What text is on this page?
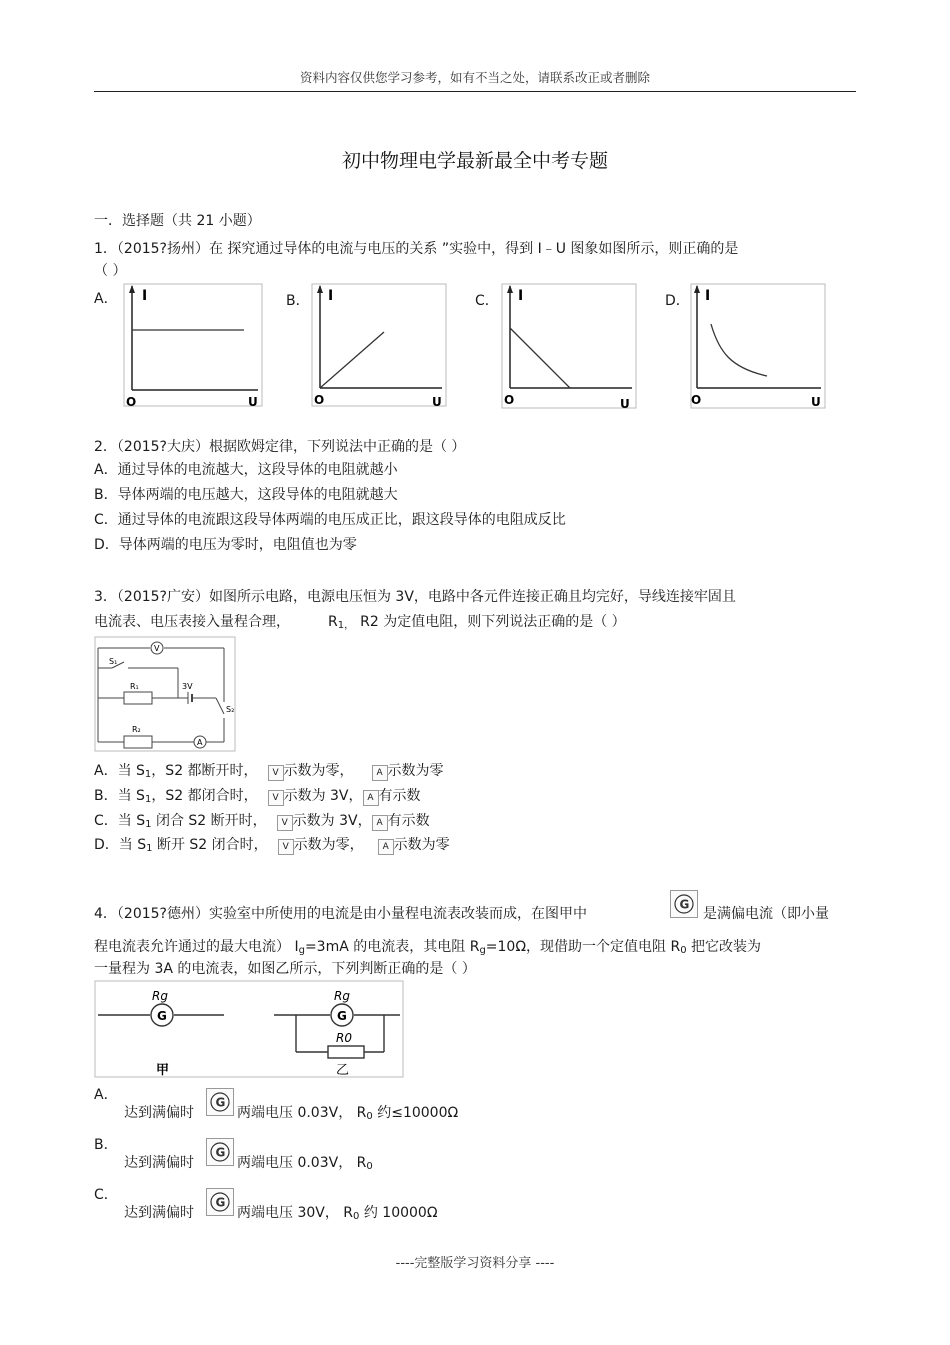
资料内容仅供您学习参考，如有不当之处，请联系改正或者删除
初中物理电学最新最全中考专题
一．选择题（共 21 小题）
1．（2015?扬州）在 探究通过导体的电流与电压的关系 ”实验中，得到 I﹣U 图象如图所示，则正确的是
（ ）
A．	B．	C．	D．
I
O	U
I
O	U
I
O	U
I
O	U
2．（2015?大庆）根据欧姆定律，下列说法中正确的是（ ）
A．通过导体的电流越大，这段导体的电阻就越小
B．导体两端的电压越大，这段导体的电阻就越大
C．通过导体的电流跟这段导体两端的电压成正比，跟这段导体的电阻成反比
D．导体两端的电压为零时，电阻值也为零
3．（2015?广安）如图所示电路，电源电压恒为 3V，电路中各元件连接正确且均完好，导线连接牢固且
电流表、电压表接入量程合理，	$R_{1,}$ R2 为定值电阻，则下列说法正确的是（ ）
V
A
S₁
R₁	3V
S₂
R₂
A．当 $S_1$，S2 都断开时， V 示数为零，	A 示数为零
B．当 $S_1$，S2 都闭合时， V 示数为 3V， A 有示数
C．当 $S_1$ 闭合 S2 断开时， V 示数为 3V， A 有示数
D．当 $S_1$ 断开 S2 闭合时， V 示数为零， A 示数为零
4．（2015?德州）实验室中所使用的电流是由小量程电流表改装而成，在图甲中
G
是满偏电流（即小量
程电流表允许通过的最大电流） $I_g=3mA$ 的电流表，其电阻 $R_g=10\Omega$，现借助一个定值电阻 $R_0$ 把它改装为
一量程为 3A 的电流表，如图乙所示，下列判断正确的是（ ）
G	G
Rg	Rg
R0
甲	乙
A．
达到满偏时
G
两端电压 0.03V， $R_0$ 约≤10000Ω
B．
达到满偏时
G
两端电压 0.03V， $R_0$
C．
达到满偏时
G
两端电压 30V， $R_0$ 约 10000Ω
----完整版学习资料分享 ----
